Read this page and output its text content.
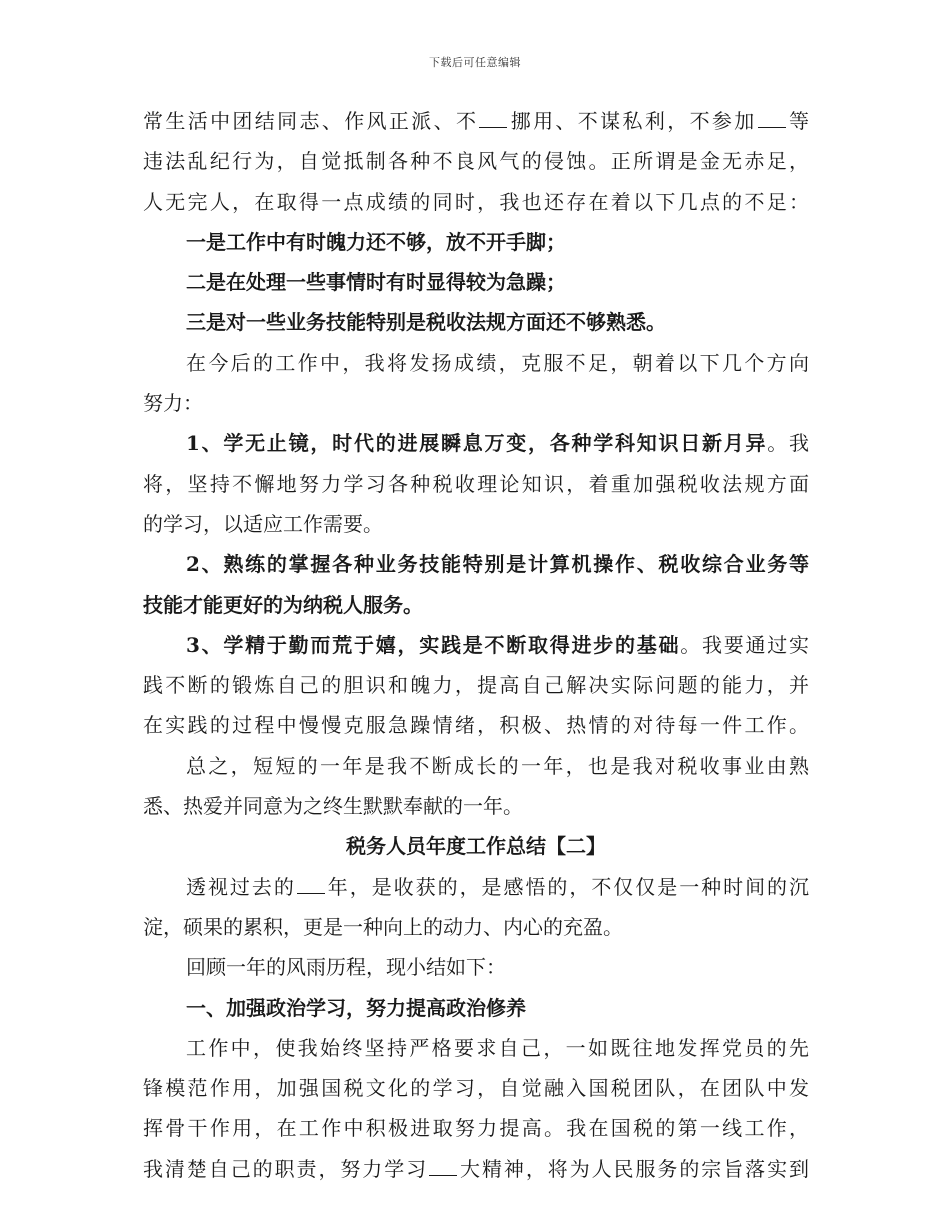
下载后可任意编辑
常生活中团结同志、作风正派、不 挪用、不谋私利，不参加 等
违法乱纪行为，自觉抵制各种不良风气的侵蚀。正所谓是金无赤足，
人无完人，在取得一点成绩的同时，我也还存在着以下几点的不足：
一是工作中有时魄力还不够，放不开手脚；
二是在处理一些事情时有时显得较为急躁；
三是对一些业务技能特别是税收法规方面还不够熟悉。
在今后的工作中，我将发扬成绩，克服不足，朝着以下几个方向
努力：
1、学无止镜，时代的进展瞬息万变，各种学科知识日新月异。我
将，坚持不懈地努力学习各种税收理论知识，着重加强税收法规方面
的学习，以适应工作需要。
2、熟练的掌握各种业务技能特别是计算机操作、税收综合业务等
技能才能更好的为纳税人服务。
3、学精于勤而荒于嬉，实践是不断取得进步的基础。我要通过实
践不断的锻炼自己的胆识和魄力，提高自己解决实际问题的能力，并
在实践的过程中慢慢克服急躁情绪，积极、热情的对待每一件工作。
总之，短短的一年是我不断成长的一年，也是我对税收事业由熟
悉、热爱并同意为之终生默默奉献的一年。
税务人员年度工作总结【二】
透视过去的 年，是收获的，是感悟的，不仅仅是一种时间的沉
淀，硕果的累积，更是一种向上的动力、内心的充盈。
回顾一年的风雨历程，现小结如下：
一、加强政治学习，努力提高政治修养
工作中，使我始终坚持严格要求自己，一如既往地发挥党员的先
锋模范作用，加强国税文化的学习，自觉融入国税团队，在团队中发
挥骨干作用，在工作中积极进取努力提高。我在国税的第一线工作，
我清楚自己的职责，努力学习 大精神，将为人民服务的宗旨落实到
